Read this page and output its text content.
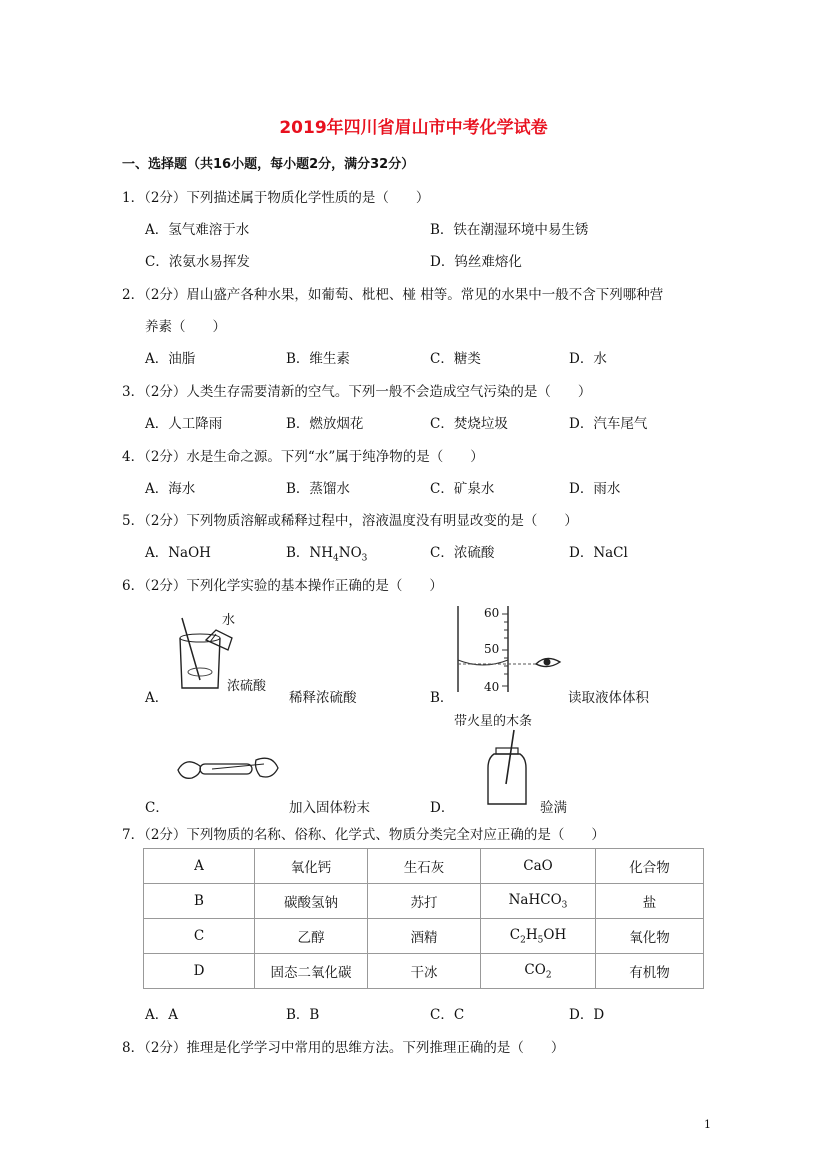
2019年四川省眉山市中考化学试卷
一、选择题（共16小题，每小题2分，满分32分）
1．（2分）下列描述属于物质化学性质的是（　　）
A．氢气难溶于水	B．铁在潮湿环境中易生锈
C．浓氨水易挥发	D．钨丝难熔化
2．（2分）眉山盛产各种水果，如葡萄、枇杷、椪 柑等。常见的水果中一般不含下列哪种营
养素（　　）
A．油脂	B．维生素	C．糖类	D．水
3．（2分）人类生存需要清新的空气。下列一般不会造成空气污染的是（　　）
A．人工降雨	B．燃放烟花	C．焚烧垃圾	D．汽车尾气
4．（2分）水是生命之源。下列“水”属于纯净物的是（　　）
A．海水	B．蒸馏水	C．矿泉水	D．雨水
5．（2分）下列物质溶解或稀释过程中，溶液温度没有明显改变的是（　　）
A．NaOH	B．$NH_4NO_3$	C．浓硫酸	D．NaCl
6．（2分）下列化学实验的基本操作正确的是（　　）
水
浓硫酸
A．	稀释浓硫酸
60
50
40
B．	读取液体体积
C．	加入固体粉末
带火星的木条
D．	验满
7．（2分）下列物质的名称、俗称、化学式、物质分类完全对应正确的是（　　）
A	氧化钙	生石灰	CaO	化合物
B	碳酸氢钠	苏打	NaHCO$_3$	盐
C	乙醇	酒精	$C_2H_5OH$	氧化物
D	固态二氧化碳	干冰	$CO_2$	有机物
A．A	B．B	C．C	D．D
8．（2分）推理是化学学习中常用的思维方法。下列推理正确的是（　　）
1
